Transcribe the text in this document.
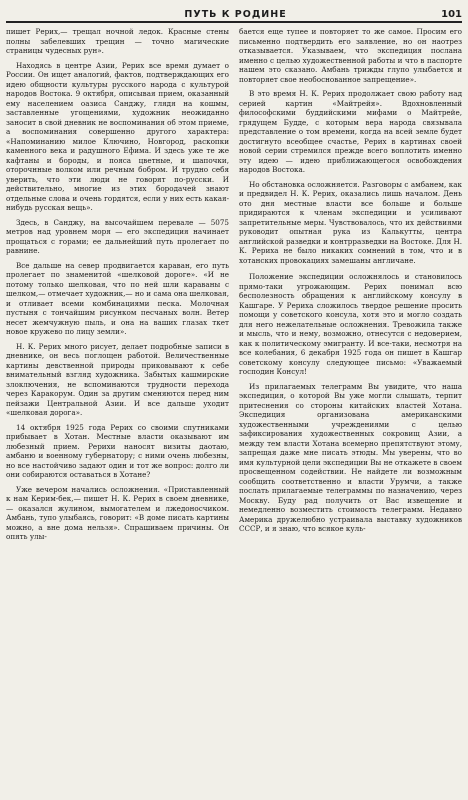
ПУТЬ К РОДИНЕ	101

пишет Рерих,— трещал ночной ледок. Красные стены полны забелевших трещин — точно магические страницы чудесных рун».

Находясь в центре Азии, Рерих все время думает о России. Он ищет аналогий, фактов, подтверждающих его идею общности культуры русского народа с культурой народов Востока. 9 октября, описывая прием, оказанный ему населением оазиса Санджу, глядя на кошмы, заставленные угощениями, художник неожиданно заносит в свой дневник не воспоминания об этом приеме, а воспоминания совершенно другого характера: «Напоминанию милое Ключино, Новгород, раскопки каменного века и радушного Ефима. И здесь уже те же кафтаны и бороды, и пояса цветные, и шапочки, оторочнные волком или речным бобром. И трудно себя уверить, что эти люди не говорят по-русски. И действительно, многие из этих бородачей знают отдельные слова и очень гордятся, если у них есть какая-нибудь русская вещь».

Здесь, в Санджу, на высочайшем перевале — 5075 метров над уровнем моря — его экспедиция начинает прощаться с горами; ее дальнейший путь пролегает по равнине.

Все дальше на север продвигается караван, его путь пролегает по знаменитой «шелковой дороге». «И не потому только шелковая, что по ней шли караваны с шелком,— отмечает художник,— но и сама она шелковая, и отливает всеми комбинациями песка. Молочная пустыня с тончайшим рисунком песчаных волн. Ветер несет жемчужную пыль, и она на ваших глазах ткет новое кружево по лицу земли».

Н. К. Рерих много рисует, делает подробные записи в дневнике, он весь поглощен работой. Величественные картины девственной природы приковывают к себе внимательный взгляд художника. Забытых кашмирские злоключения, не вспоминаются трудности перехода через Каракорум. Один за другим сменяются перед ним пейзажи Центральной Азии. И все дальше уходит «шелковая дорога».

14 октября 1925 года Рерих со своими спутниками прибывает в Хотан. Местные власти оказывают им любезный прием. Рерихи наносят визиты даотаю, амбаню и военному губернатору; с ними очень любезны, но все настойчиво задают один и тот же вопрос: долго ли они собираются оставаться в Хотане?

Уже вечером начались осложнения. «Приставленный к нам Керим-бек,— пишет Н. К. Рерих в своем дневнике,— оказался жулином, вымогателем и лжедоносчиком. Амбань, тупо улыбаясь, говорит: «В доме писать картины можно, а вне дома нельзя». Спрашиваем причины. Он опять улы-

бается еще тупее и повторяет то же самое. Просим его письменно подтвердить его заявление, но он наотрез отказывается. Указываем, что экспедиция послана именно с целью художественной работы и что в паспорте нашем это сказано. Амбань трижды глупо улыбается и повторяет свое необоснованное запрещение».

В это время Н. К. Рерих продолжает свою работу над серией картин «Майтрейя». Вдохновленный философскими буддийскими мифами о Майтрейе, грядущем Будде, с которым вера народа связывала представление о том времени, когда на всей земле будет достигнуто всеобщее счастье, Рерих в картинах своей новой серии стремился прежде всего воплотить именно эту идею — идею приближающегося освобождения народов Востока.

Но обстановка осложняется. Разговоры с амбанем, как и предвидел Н. К. Рерих, оказались лишь началом. День ото дня местные власти все больше и больше придираются к членам экспедиции и усиливают запретительные меры. Чувствовалось, что их действиями руководит опытная рука из Калькутты, центра английской разведки и контрразведки на Востоке. Для Н. К. Рериха не было никаких сомнений в том, что и в хотанских провокациях замешаны англичане.

Положение экспедиции осложнялось и становилось прямо-таки угрожающим. Рерих понимал всю бесполезность обращения к английскому консулу в Кашгаре. У Рериха сложилось твердое решение просить помощи у советского консула, хотя это и могло создать для него нежелательные осложнения. Тревожила также и мысль, что и нему, возможно, отнесутся с недоверием, как к политическому эмигранту. И все-таки, несмотря на все колебания, 6 декабря 1925 года он пишет в Кашгар советскому консулу следующее письмо: «Уважаемый господин Консул!

Из прилагаемых телеграмм Вы увидите, что наша экспедиция, о которой Вы уже могли слышать, терпит притеснения со стороны китайских властей Хотана. Экспедиция организована американскими художественными учреждениями с целью зафиксирования художественных сокровищ Азии, а между тем власти Хотана всемерно препятствуют этому, запрещая даже мне писать этюды. Мы уверены, что во имя культурной цели экспедиции Вы не откажете в своем просвещенном содействии. Не найдете ли возможным сообщить соответственно и власти Урумчи, а также послать прилагаемые телеграммы по назначению, через Москву. Буду рад получить от Вас извещение и немедленно возместить стоимость телеграмм. Недавно Америка дружелюбно устраивала выставку художников СССР, и я знаю, что всякое куль-
